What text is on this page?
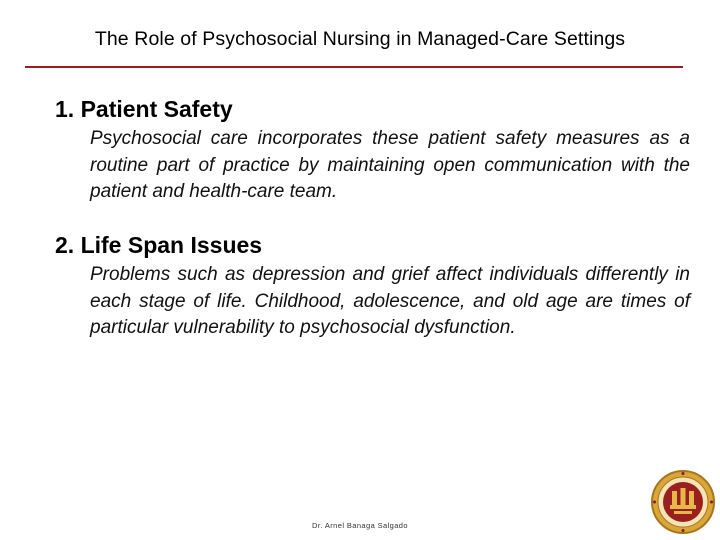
The Role of Psychosocial Nursing in Managed-Care Settings
1. Patient Safety

Psychosocial care incorporates these patient safety measures as a routine part of practice by maintaining open communication with the patient and health-care team.

2. Life Span Issues

Problems such as depression and grief affect individuals differently in each stage of life. Childhood, adolescence, and old age are times of particular vulnerability to psychosocial dysfunction.

Dr. Arnel Banaga Salgado
